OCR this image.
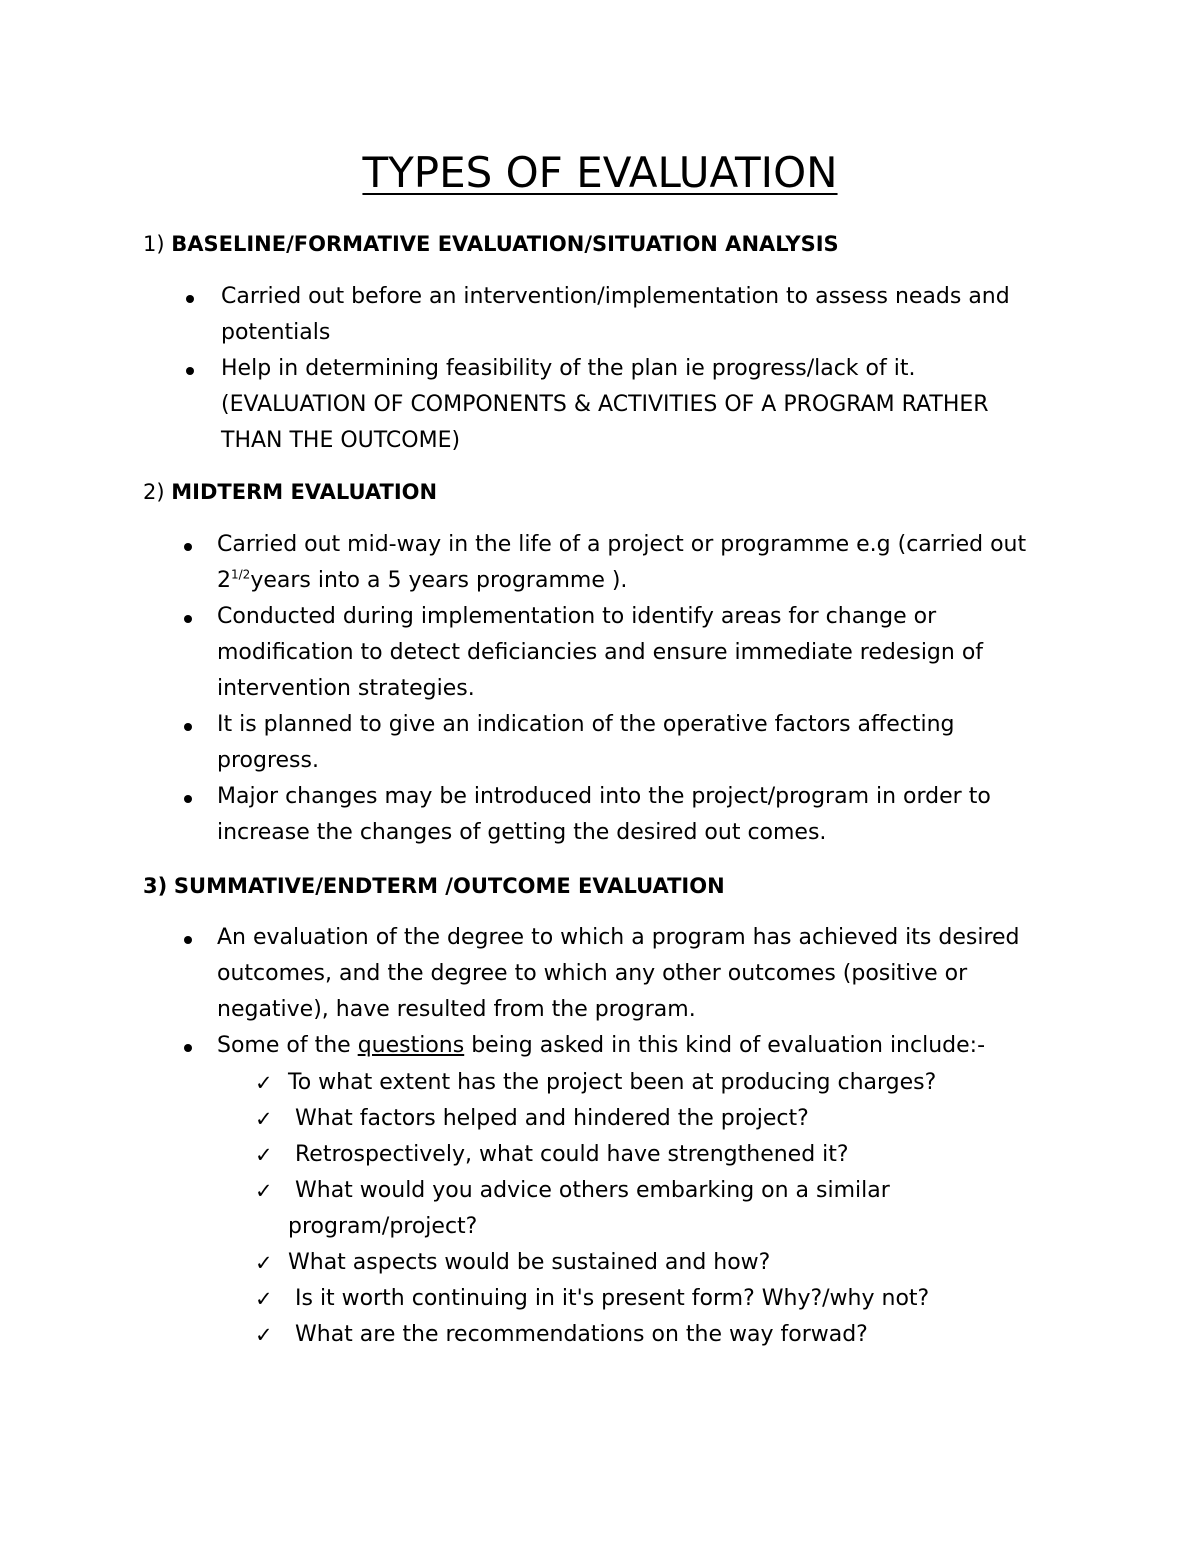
TYPES OF EVALUATION

1) BASELINE/FORMATIVE EVALUATION/SITUATION ANALYSIS

Carried out before an intervention/implementation to assess neads and potentials
Help in determining feasibility of the plan ie progress/lack of it. (EVALUATION OF COMPONENTS & ACTIVITIES OF A PROGRAM RATHER THAN THE OUTCOME)

2) MIDTERM EVALUATION

Carried out mid-way in the life of a project or programme e.g (carried out $2^{1/2}years$ into a 5 years programme ).
Conducted during implementation to identify areas for change or modification to detect deficiancies and ensure immediate redesign of intervention strategies.
It is planned to give an indication of the operative factors affecting progress.
Major changes may be introduced into the project/program in order to increase the changes of getting the desired out comes.

3) SUMMATIVE/ENDTERM /OUTCOME EVALUATION

An evaluation of the degree to which a program has achieved its desired outcomes, and the degree to which any other outcomes (positive or negative), have resulted from the program.
Some of the questions being asked in this kind of evaluation include:-
✓ To what extent has the project been at producing charges?
✓ What factors helped and hindered the project?
✓ Retrospectively, what could have strengthened it?
✓ What would you advice others embarking on a similar program/project?
✓ What aspects would be sustained and how?
✓ Is it worth continuing in it's present form? Why?/why not?
✓ What are the recommendations on the way forwad?
